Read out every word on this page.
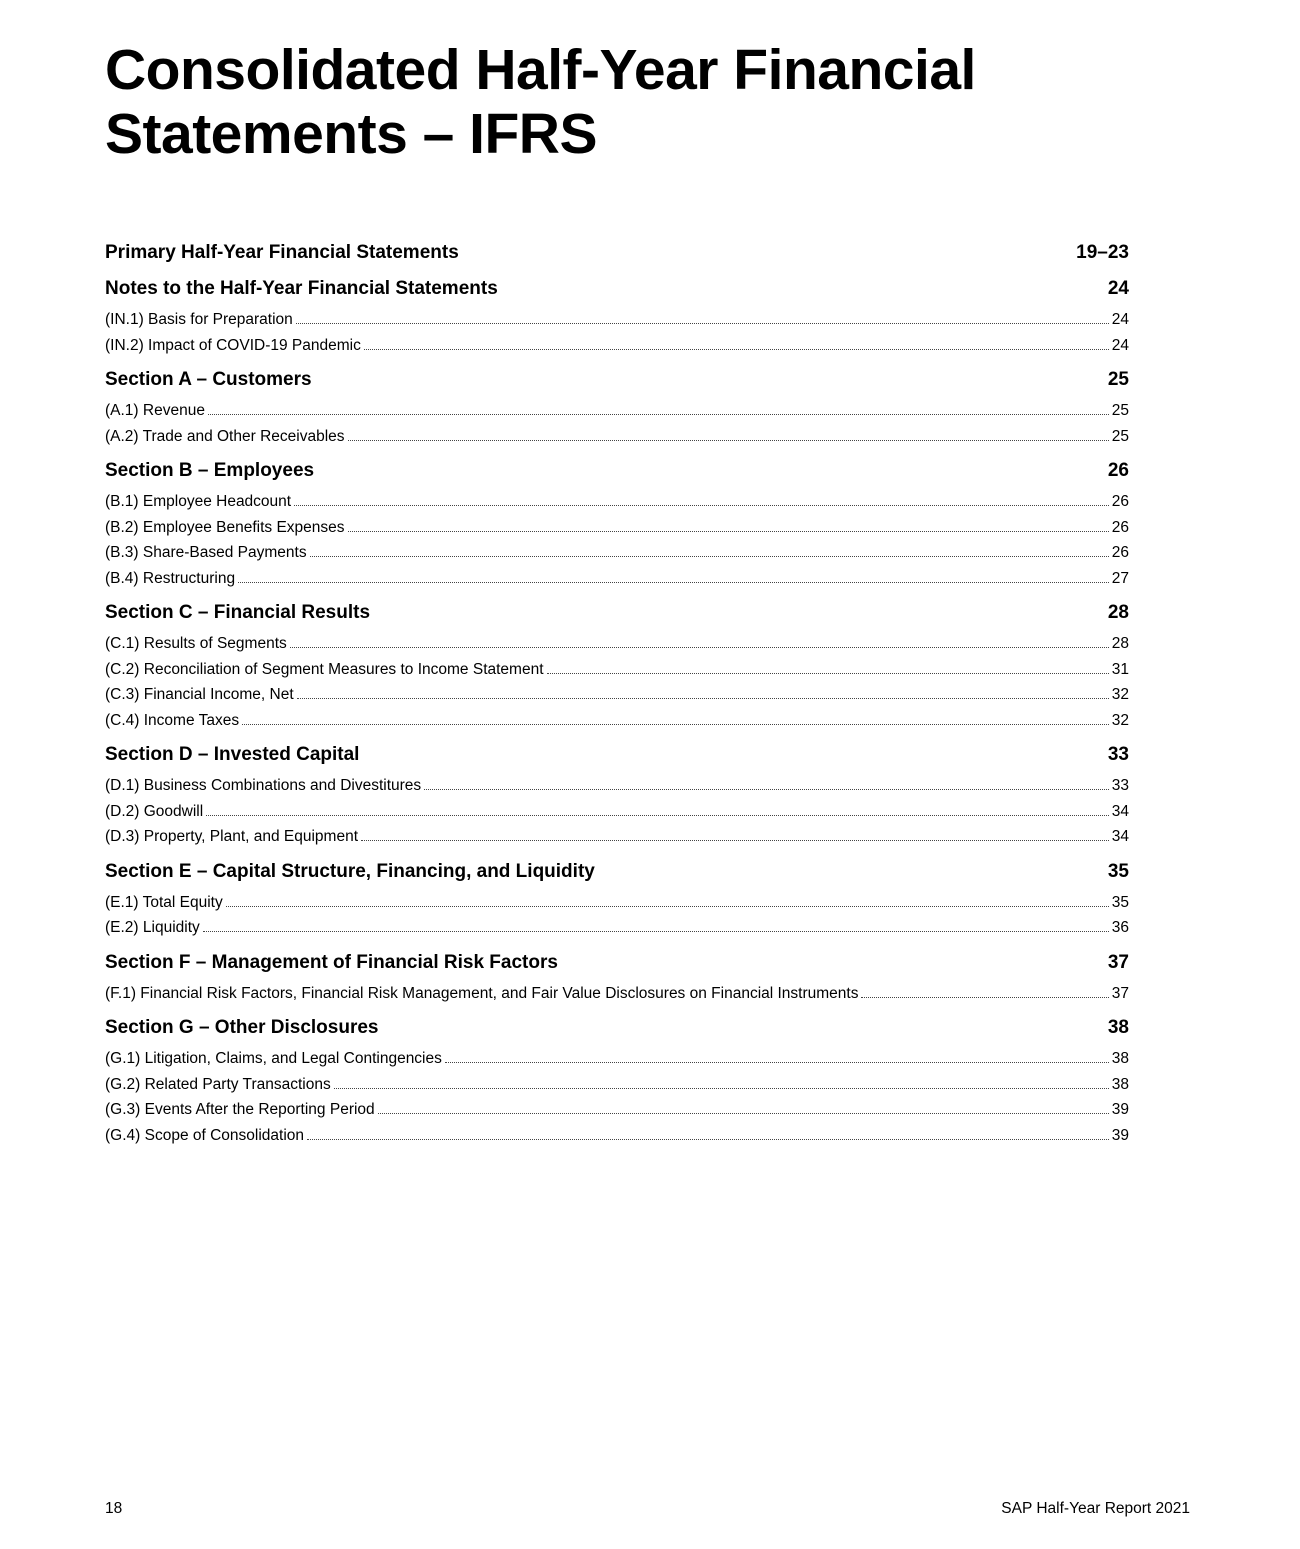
Consolidated Half-Year Financial Statements – IFRS
Primary Half-Year Financial Statements	19–23
Notes to the Half-Year Financial Statements	24
(IN.1) Basis for Preparation	24
(IN.2) Impact of COVID-19 Pandemic	24
Section A – Customers	25
(A.1) Revenue	25
(A.2) Trade and Other Receivables	25
Section B – Employees	26
(B.1) Employee Headcount	26
(B.2) Employee Benefits Expenses	26
(B.3) Share-Based Payments	26
(B.4) Restructuring	27
Section C – Financial Results	28
(C.1) Results of Segments	28
(C.2) Reconciliation of Segment Measures to Income Statement	31
(C.3) Financial Income, Net	32
(C.4) Income Taxes	32
Section D – Invested Capital	33
(D.1) Business Combinations and Divestitures	33
(D.2) Goodwill	34
(D.3) Property, Plant, and Equipment	34
Section E – Capital Structure, Financing, and Liquidity	35
(E.1) Total Equity	35
(E.2) Liquidity	36
Section F – Management of Financial Risk Factors	37
(F.1) Financial Risk Factors, Financial Risk Management, and Fair Value Disclosures on Financial Instruments	37
Section G – Other Disclosures	38
(G.1) Litigation, Claims, and Legal Contingencies	38
(G.2) Related Party Transactions	38
(G.3) Events After the Reporting Period	39
(G.4) Scope of Consolidation	39
18	SAP Half-Year Report 2021
